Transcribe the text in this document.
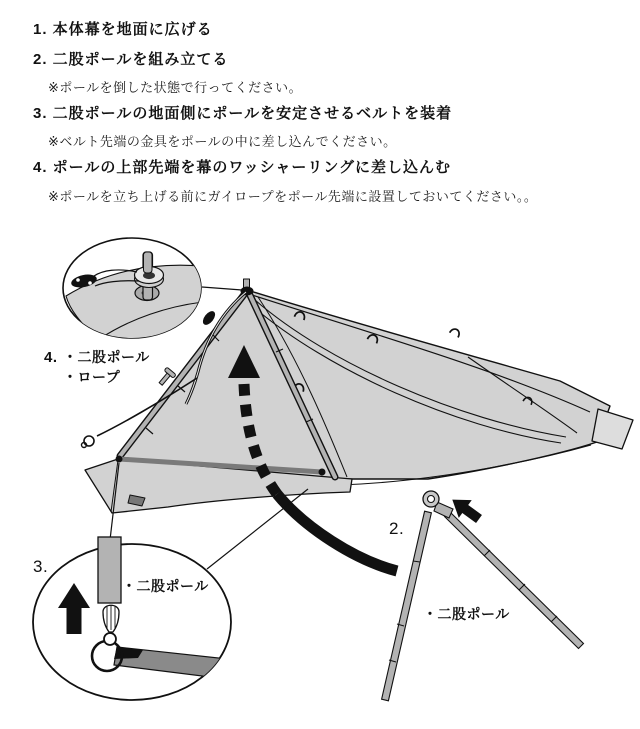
1. 本体幕を地面に広げる
2. 二股ポールを組み立てる
※ポールを倒した状態で行ってください。
3. 二股ポールの地面側にポールを安定させるベルトを装着
※ベルト先端の金具をポールの中に差し込んでください。
4. ポールの上部先端を幕のワッシャーリングに差し込んむ
※ポールを立ち上げる前にガイロープをポール先端に設置しておいてください。。
4. ・二股ポール
・ロープ
3.
・二股ポール
2.
・二股ポール
